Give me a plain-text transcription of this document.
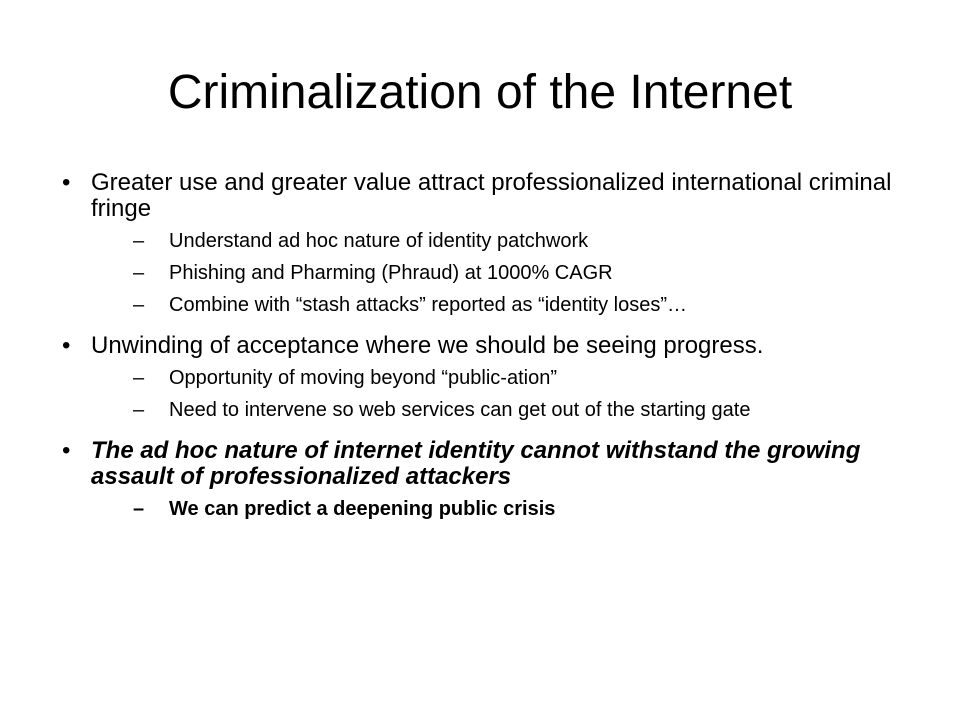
Criminalization of the Internet
• Greater use and greater value attract professionalized international criminal fringe
– Understand ad hoc nature of identity patchwork
– Phishing and Pharming (Phraud) at 1000% CAGR
– Combine with “stash attacks” reported as “identity loses”…
• Unwinding of acceptance where we should be seeing progress.
– Opportunity of moving beyond “public-ation”
– Need to intervene so web services can get out of the starting gate
• The ad hoc nature of internet identity cannot withstand the growing assault of professionalized attackers
– We can predict a deepening public crisis
